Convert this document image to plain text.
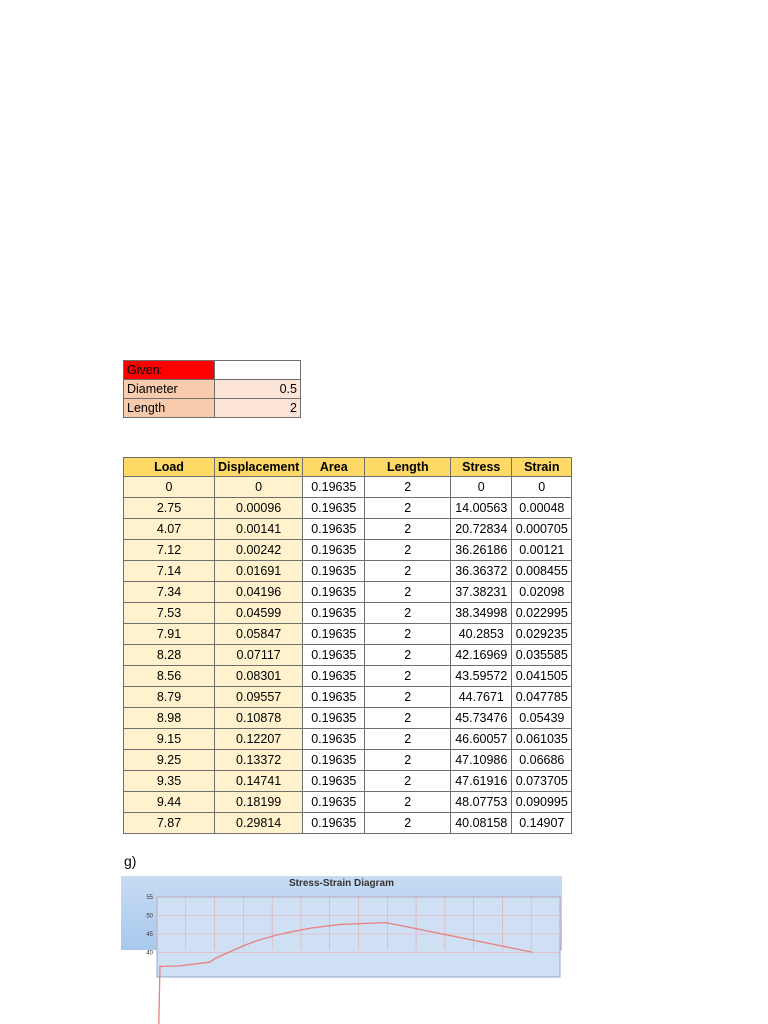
Given:	
Diameter	0.5
Length	2
Load	Displacement	Area	Length	Stress	Strain
0	0	0.19635	2	0	0
2.75	0.00096	0.19635	2	14.00563	0.00048
4.07	0.00141	0.19635	2	20.72834	0.000705
7.12	0.00242	0.19635	2	36.26186	0.00121
7.14	0.01691	0.19635	2	36.36372	0.008455
7.34	0.04196	0.19635	2	37.38231	0.02098
7.53	0.04599	0.19635	2	38.34998	0.022995
7.91	0.05847	0.19635	2	40.2853	0.029235
8.28	0.07117	0.19635	2	42.16969	0.035585
8.56	0.08301	0.19635	2	43.59572	0.041505
8.79	0.09557	0.19635	2	44.7671	0.047785
8.98	0.10878	0.19635	2	45.73476	0.05439
9.15	0.12207	0.19635	2	46.60057	0.061035
9.25	0.13372	0.19635	2	47.10986	0.06686
9.35	0.14741	0.19635	2	47.61916	0.073705
9.44	0.18199	0.19635	2	48.07753	0.090995
7.87	0.29814	0.19635	2	40.08158	0.14907
g)
55
50
45
40
Stress-Strain Diagram
